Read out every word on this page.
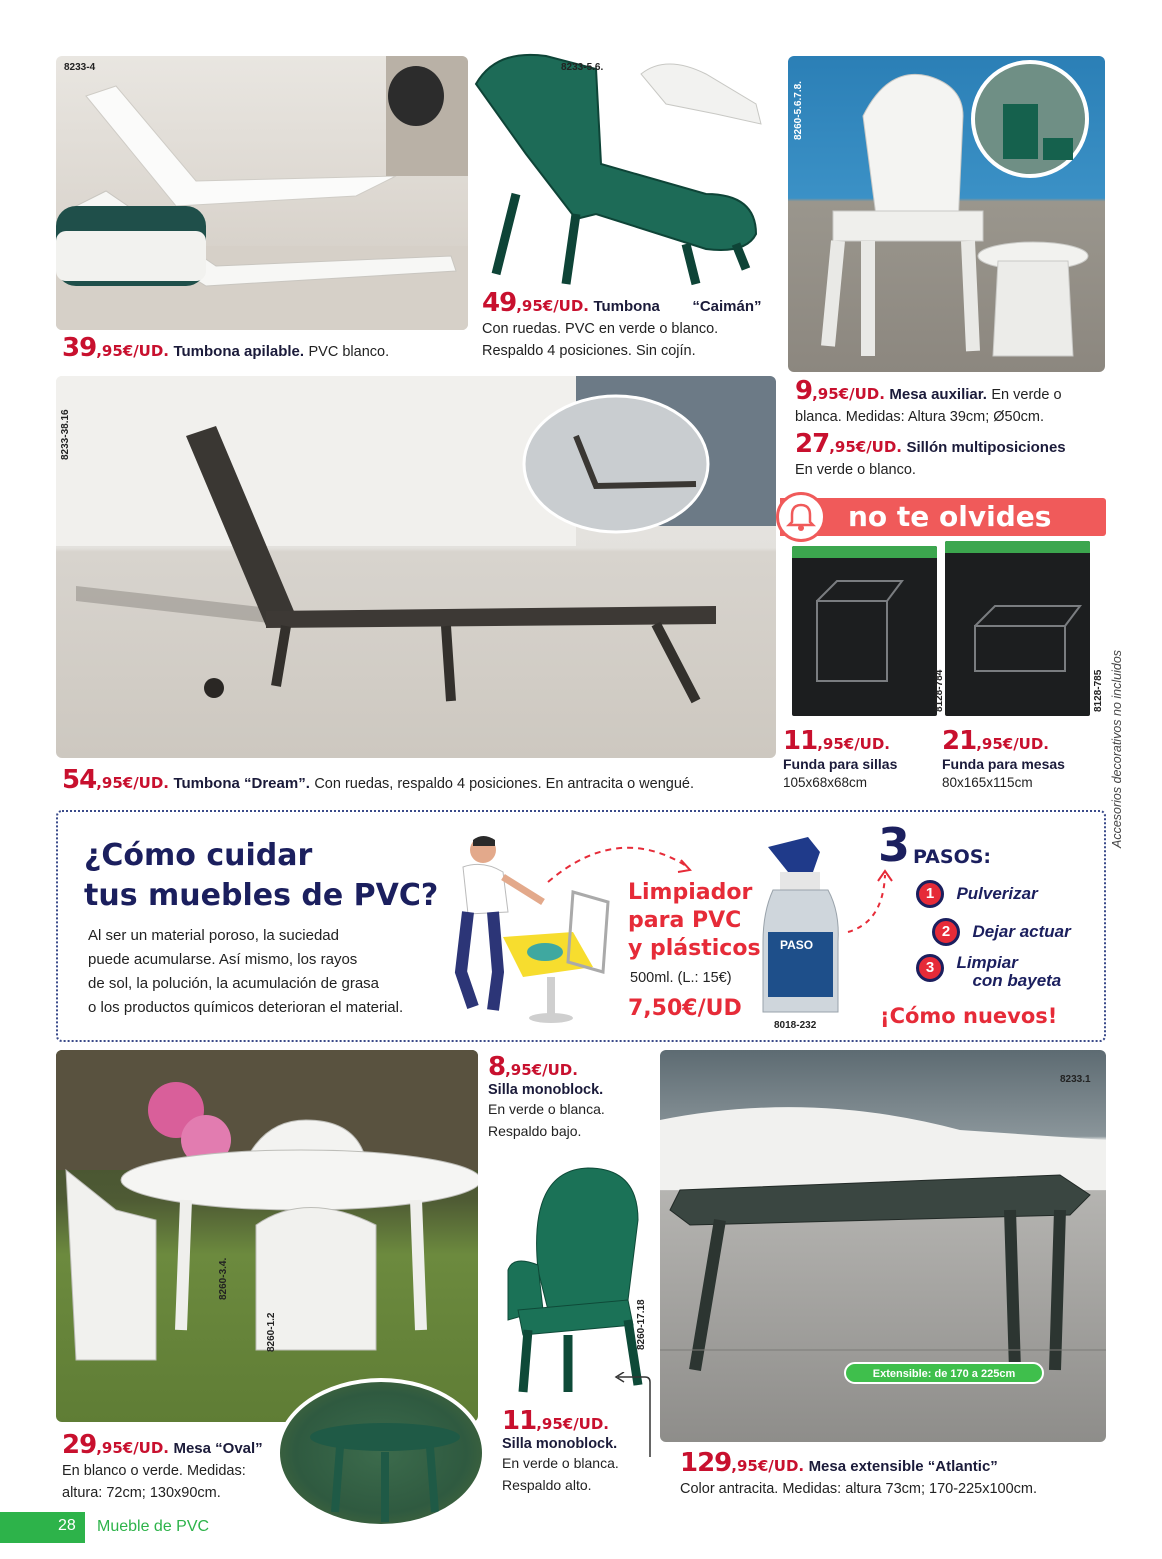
8233-4
39,95€/UD. Tumbona apilable. PVC blanco.
8233-5.6.
49,95€/UD. Tumbona “Caimán”
Con ruedas. PVC en verde o blanco.
Respaldo 4 posiciones. Sin cojín.
8260-5.6.7.8.
9,95€/UD. Mesa auxiliar. En verde o
blanca. Medidas: Altura 39cm; Ø50cm.
27,95€/UD. Sillón multiposiciones
En verde o blanco.
8233-38.16
54,95€/UD. Tumbona “Dream”. Con ruedas, respaldo 4 posiciones. En antracita o wengué.
no te olvides
8128-784
11,95€/UD.
Funda para sillas
105x68x68cm
8128-785
21,95€/UD.
Funda para mesas
80x165x115cm	Accesorios decorativos no incluidos
¿Cómo cuidar
tus muebles de PVC?
Al ser un material poroso, la suciedad
puede acumularse. Así mismo, los rayos
de sol, la polución, la acumulación de grasa
o los productos químicos deterioran el material.
Limpiador
para PVC
y plásticos
500ml. (L.: 15€)
7,50€/UD
PASO
8018-232
3 PASOS:
1 Pulverizar
2 Dejar actuar
3 Limpiar
con bayeta
¡Cómo nuevos!
8260-3.4.
8260-1.2
29,95€/UD. Mesa “Oval”
En blanco o verde. Medidas:
altura: 72cm; 130x90cm.
8,95€/UD.
Silla monoblock.
En verde o blanca.
Respaldo bajo.
8260-17.18
11,95€/UD.
Silla monoblock.
En verde o blanca.
Respaldo alto.
8233.1
Extensible: de 170 a 225cm
129,95€/UD. Mesa extensible “Atlantic”
Color antracita. Medidas: altura 73cm; 170-225x100cm.
28 Mueble de PVC
